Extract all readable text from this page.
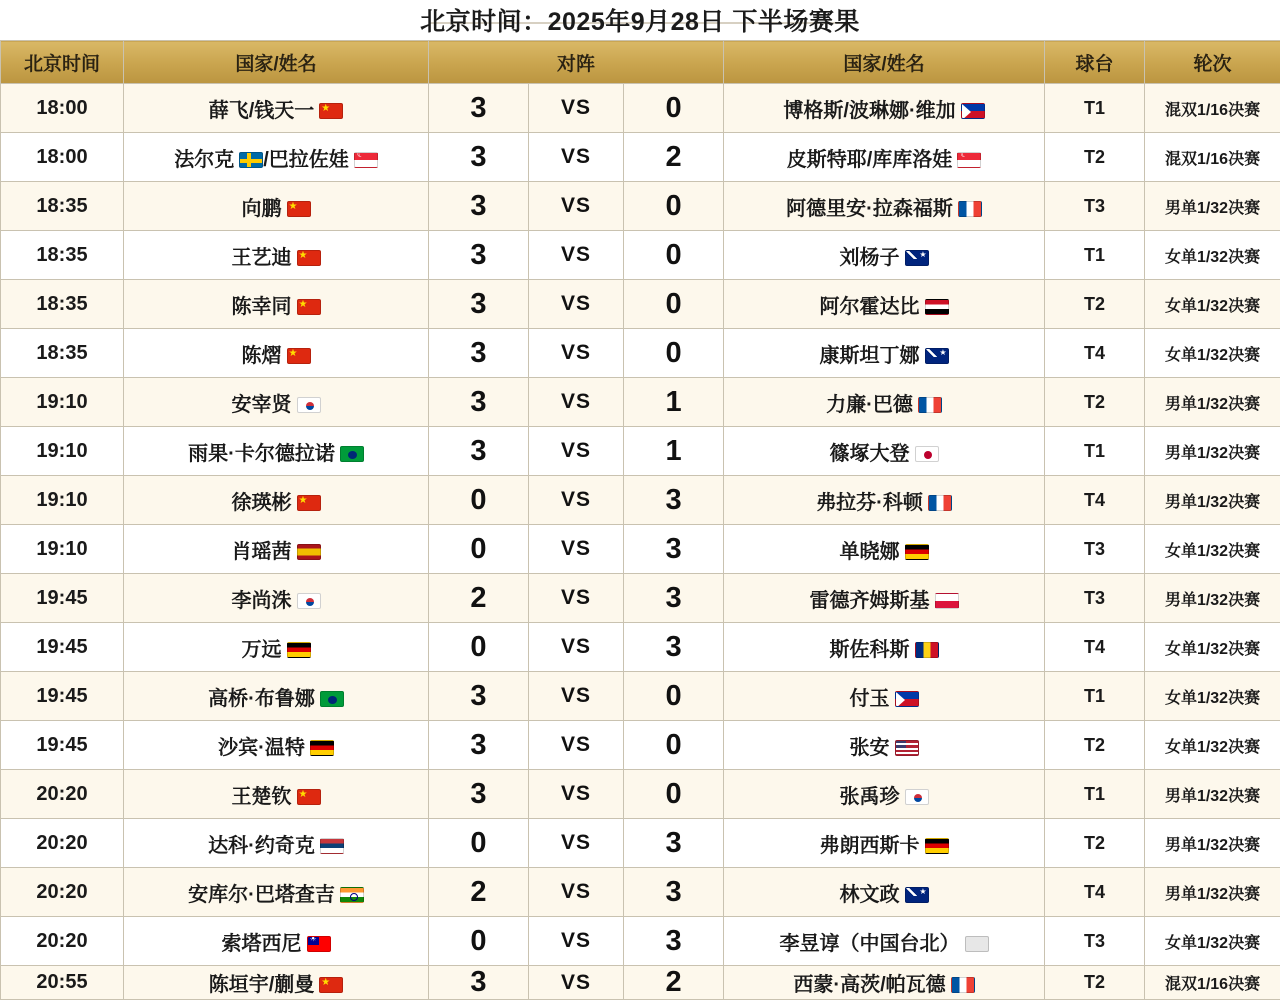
北京时间：2025年9月28日 下半场赛果
北京时间	国家/姓名	对阵			国家/姓名	球台	轮次
18:00	薛飞/钱天一★	3	VS	0	博格斯/波琳娜·维加	T1	混双1/16决赛
18:00	法尔克 /巴拉佐娃☾	3	VS	2	皮斯特耶/库库洛娃☾	T2	混双1/16决赛
18:35	向鹏★	3	VS	0	阿德里安·拉森福斯	T3	男单1/32决赛
18:35	王艺迪★	3	VS	0	刘杨子★	T1	女单1/32决赛
18:35	陈幸同★	3	VS	0	阿尔霍达比	T2	女单1/32决赛
18:35	陈熠★	3	VS	0	康斯坦丁娜★	T4	女单1/32决赛
19:10	安宰贤	3	VS	1	力廉·巴德	T2	男单1/32决赛
19:10	雨果·卡尔德拉诺	3	VS	1	篠塚大登	T1	男单1/32决赛
19:10	徐瑛彬★	0	VS	3	弗拉芬·科顿	T4	男单1/32决赛
19:10	肖瑶茜	0	VS	3	单晓娜	T3	女单1/32决赛
19:45	李尚洙	2	VS	3	雷德齐姆斯基	T3	男单1/32决赛
19:45	万远	0	VS	3	斯佐科斯	T4	女单1/32决赛
19:45	高桥·布鲁娜	3	VS	0	付玉	T1	女单1/32决赛
19:45	沙宾·温特	3	VS	0	张安	T2	女单1/32决赛
20:20	王楚钦★	3	VS	0	张禹珍	T1	男单1/32决赛
20:20	达科·约奇克	0	VS	3	弗朗西斯卡	T2	男单1/32决赛
20:20	安库尔·巴塔查吉	2	VS	3	林文政★	T4	男单1/32决赛
20:20	索塔西尼☀	0	VS	3	李昱谆（中国台北）	T3	女单1/32决赛
20:55	陈垣宇/蒯曼★	3	VS	2	西蒙·高茨/帕瓦德	T2	混双1/16决赛
